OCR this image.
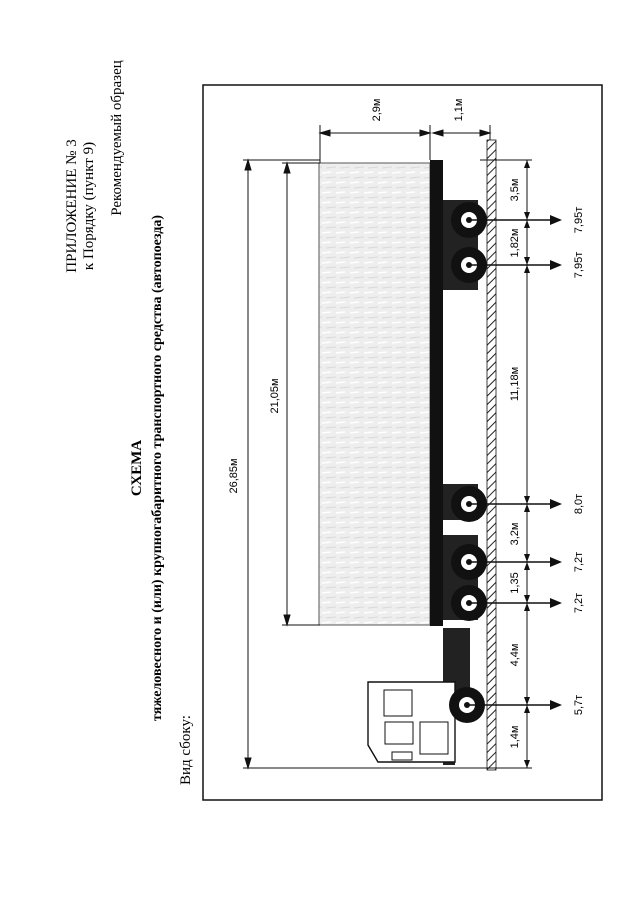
ПРИЛОЖЕНИЕ № 3 к Порядку (пункт 9) Рекомендуемый образец
СХЕМА тяжеловесного и (или) крупногабаритного транспортного средства (автопоезда)
Вид сбоку:
26,85м
21,05м
2,9м	1,1м
1,4м
4,4м
1,35
3,2м
11,18м
1,82м
3,5м
5,7т
7,2т
7,2т
8,0т
7,95т
7,95т
